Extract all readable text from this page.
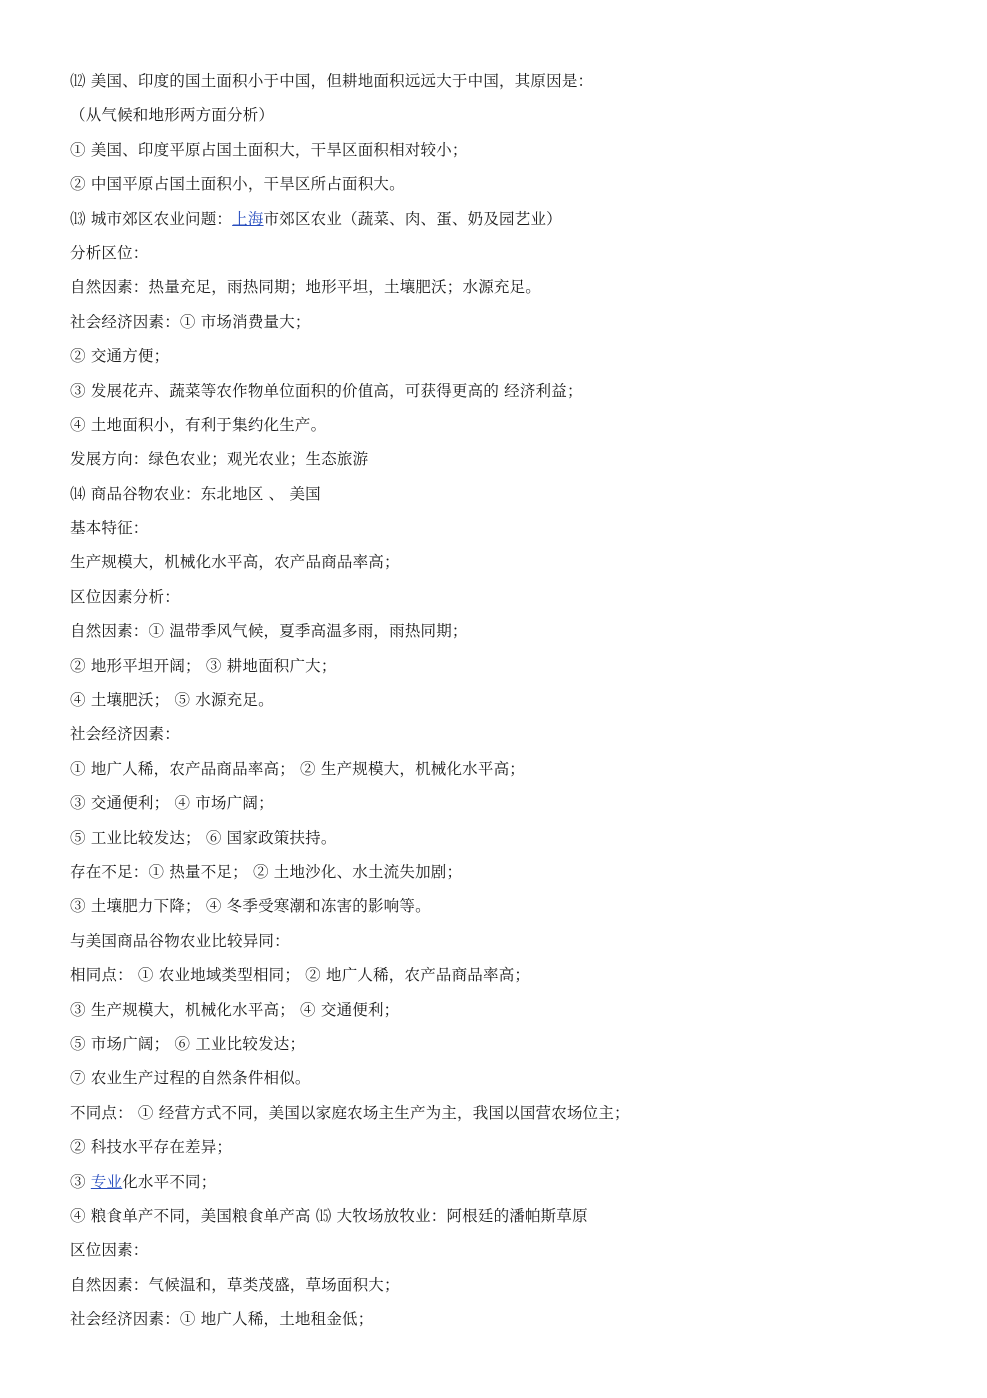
⑿ 美国、印度的国土面积小于中国，但耕地面积远远大于中国，其原因是：
（从气候和地形两方面分析）
① 美国、印度平原占国土面积大，干旱区面积相对较小；
② 中国平原占国土面积小，干旱区所占面积大。
⒀ 城市郊区农业问题：上海市郊区农业（蔬菜、肉、蛋、奶及园艺业）
分析区位：
自然因素：热量充足，雨热同期；地形平坦，土壤肥沃；水源充足。
社会经济因素：① 市场消费量大；
② 交通方便；
③ 发展花卉、蔬菜等农作物单位面积的价值高，可获得更高的 经济利益；
④ 土地面积小，有利于集约化生产。
发展方向：绿色农业；观光农业；生态旅游
⒁ 商品谷物农业：东北地区 、 美国
基本特征：
生产规模大，机械化水平高，农产品商品率高；
区位因素分析：
自然因素：① 温带季风气候，夏季高温多雨，雨热同期；
② 地形平坦开阔； ③ 耕地面积广大；
④ 土壤肥沃； ⑤ 水源充足。
社会经济因素：
① 地广人稀，农产品商品率高； ② 生产规模大，机械化水平高；
③ 交通便利； ④ 市场广阔；
⑤ 工业比较发达； ⑥ 国家政策扶持。
存在不足：① 热量不足； ② 土地沙化、水土流失加剧；
③ 土壤肥力下降； ④ 冬季受寒潮和冻害的影响等。
与美国商品谷物农业比较异同：
相同点： ① 农业地域类型相同； ② 地广人稀，农产品商品率高；
③ 生产规模大，机械化水平高； ④ 交通便利；
⑤ 市场广阔； ⑥ 工业比较发达；
⑦ 农业生产过程的自然条件相似。
不同点： ① 经营方式不同，美国以家庭农场主生产为主，我国以国营农场位主；
② 科技水平存在差异；
③ 专业化水平不同；
④ 粮食单产不同，美国粮食单产高 ⒂ 大牧场放牧业：阿根廷的潘帕斯草原
区位因素：
自然因素：气候温和，草类茂盛，草场面积大；
社会经济因素：① 地广人稀，土地租金低；
